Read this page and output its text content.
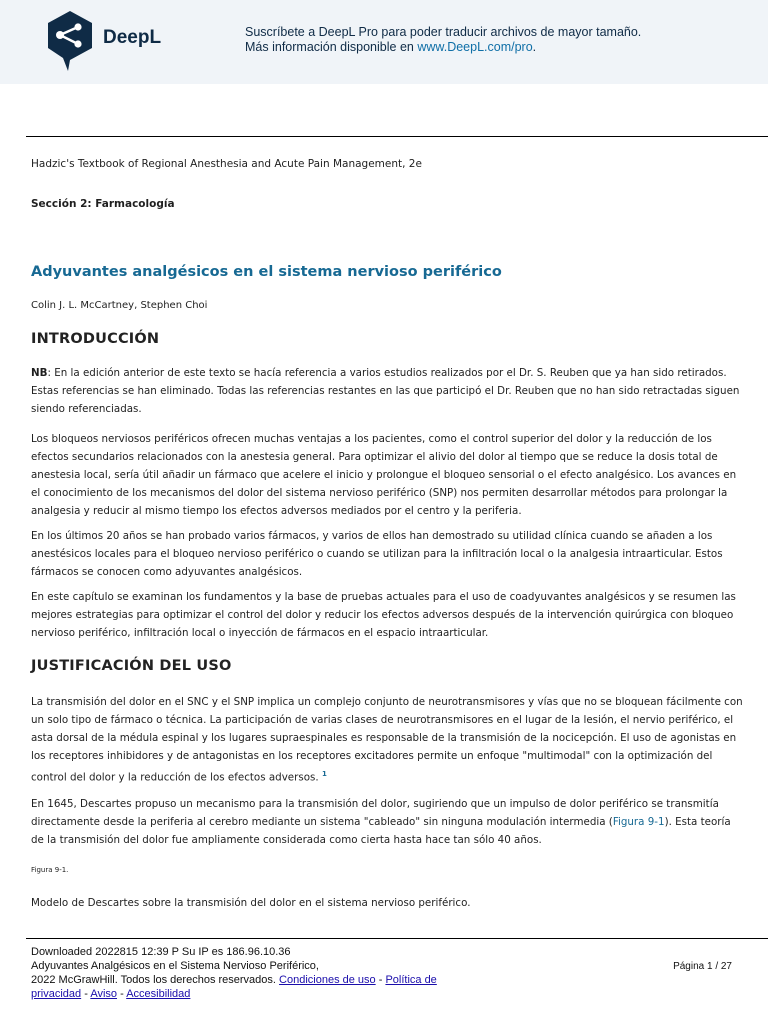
DeepL	Suscríbete a DeepL Pro para poder traducir archivos de mayor tamaño.
Más información disponible en www.DeepL.com/pro.
Hadzic's Textbook of Regional Anesthesia and Acute Pain Management, 2e
Sección 2: Farmacología
Adyuvantes analgésicos en el sistema nervioso periférico
Colin J. L. McCartney, Stephen Choi
INTRODUCCIÓN

NB: En la edición anterior de este texto se hacía referencia a varios estudios realizados por el Dr. S. Reuben que ya han sido retirados. Estas referencias se han eliminado. Todas las referencias restantes en las que participó el Dr. Reuben que no han sido retractadas siguen siendo referenciadas.

Los bloqueos nerviosos periféricos ofrecen muchas ventajas a los pacientes, como el control superior del dolor y la reducción de los efectos secundarios relacionados con la anestesia general. Para optimizar el alivio del dolor al tiempo que se reduce la dosis total de anestesia local, sería útil añadir un fármaco que acelere el inicio y prolongue el bloqueo sensorial o el efecto analgésico. Los avances en el conocimiento de los mecanismos del dolor del sistema nervioso periférico (SNP) nos permiten desarrollar métodos para prolongar la analgesia y reducir al mismo tiempo los efectos adversos mediados por el centro y la periferia.

En los últimos 20 años se han probado varios fármacos, y varios de ellos han demostrado su utilidad clínica cuando se añaden a los anestésicos locales para el bloqueo nervioso periférico o cuando se utilizan para la infiltración local o la analgesia intraarticular. Estos fármacos se conocen como adyuvantes analgésicos.

En este capítulo se examinan los fundamentos y la base de pruebas actuales para el uso de coadyuvantes analgésicos y se resumen las mejores estrategias para optimizar el control del dolor y reducir los efectos adversos después de la intervención quirúrgica con bloqueo nervioso periférico, infiltración local o inyección de fármacos en el espacio intraarticular.

JUSTIFICACIÓN DEL USO

La transmisión del dolor en el SNC y el SNP implica un complejo conjunto de neurotransmisores y vías que no se bloquean fácilmente con un solo tipo de fármaco o técnica. La participación de varias clases de neurotransmisores en el lugar de la lesión, el nervio periférico, el asta dorsal de la médula espinal y los lugares supraespinales es responsable de la transmisión de la nocicepción. El uso de agonistas en los receptores inhibidores y de antagonistas en los receptores excitadores permite un enfoque "multimodal" con la optimización del control del dolor y la reducción de los efectos adversos. $^1$

En 1645, Descartes propuso un mecanismo para la transmisión del dolor, sugiriendo que un impulso de dolor periférico se transmitía directamente desde la periferia al cerebro mediante un sistema "cableado" sin ninguna modulación intermedia (Figura 9-1). Esta teoría de la transmisión del dolor fue ampliamente considerada como cierta hasta hace tan sólo 40 años.

Figura 9-1.

Modelo de Descartes sobre la transmisión del dolor en el sistema nervioso periférico.

Downloaded 2022815 12:39 P Su IP es 186.96.10.36
Adyuvantes Analgésicos en el Sistema Nervioso Periférico,
2022 McGrawHill. Todos los derechos reservados. Condiciones de uso - Política de
privacidad - Aviso - Accesibilidad
Página 1 / 27
